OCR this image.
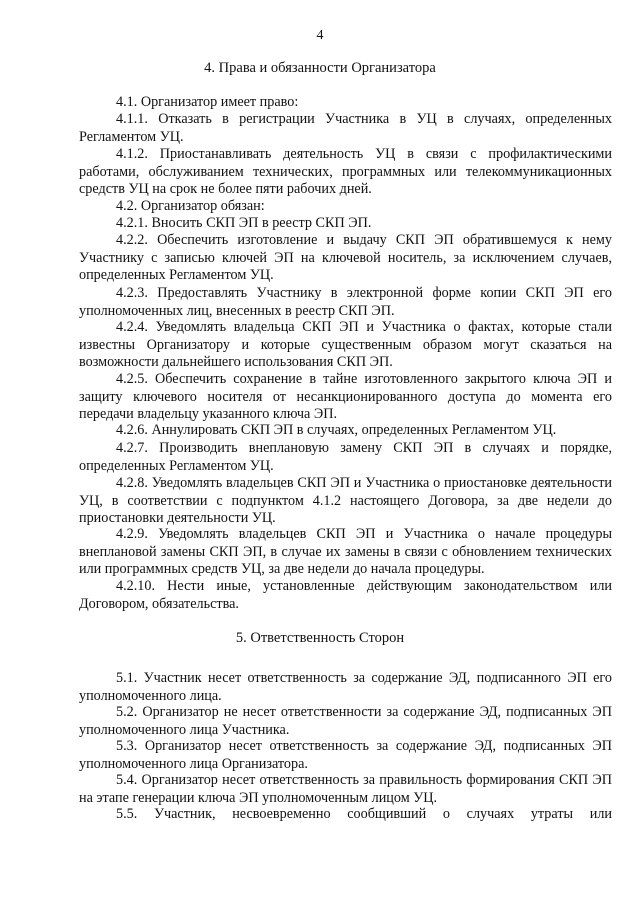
4
4. Права и обязанности Организатора

4.1. Организатор имеет право:

4.1.1. Отказать в регистрации Участника в УЦ в случаях, определенных Регламентом УЦ.

4.1.2. Приостанавливать деятельность УЦ в связи с профилактическими работами, обслуживанием технических, программных или телекоммуникационных средств УЦ на срок не более пяти рабочих дней.

4.2. Организатор обязан:

4.2.1. Вносить СКП ЭП в реестр СКП ЭП.

4.2.2. Обеспечить изготовление и выдачу СКП ЭП обратившемуся к нему Участнику с записью ключей ЭП на ключевой носитель, за исключением случаев, определенных Регламентом УЦ.

4.2.3. Предоставлять Участнику в электронной форме копии СКП ЭП его уполномоченных лиц, внесенных в реестр СКП ЭП.

4.2.4. Уведомлять владельца СКП ЭП и Участника о фактах, которые стали известны Организатору и которые существенным образом могут сказаться на возможности дальнейшего использования СКП ЭП.

4.2.5. Обеспечить сохранение в тайне изготовленного закрытого ключа ЭП и защиту ключевого носителя от несанкционированного доступа до момента его передачи владельцу указанного ключа ЭП.

4.2.6. Аннулировать СКП ЭП в случаях, определенных Регламентом УЦ.

4.2.7. Производить внеплановую замену СКП ЭП в случаях и порядке, определенных Регламентом УЦ.

4.2.8. Уведомлять владельцев СКП ЭП и Участника о приостановке деятельности УЦ, в соответствии с подпунктом 4.1.2 настоящего Договора, за две недели до приостановки деятельности УЦ.

4.2.9. Уведомлять владельцев СКП ЭП и Участника о начале процедуры внеплановой замены СКП ЭП, в случае их замены в связи с обновлением технических или программных средств УЦ, за две недели до начала процедуры.

4.2.10. Нести иные, установленные действующим законодательством или Договором, обязательства.

5. Ответственность Сторон

5.1. Участник несет ответственность за содержание ЭД, подписанного ЭП его уполномоченного лица.

5.2. Организатор не несет ответственности за содержание ЭД, подписанных ЭП уполномоченного лица Участника.

5.3. Организатор несет ответственность за содержание ЭД, подписанных ЭП уполномоченного лица Организатора.

5.4. Организатор несет ответственность за правильность формирования СКП ЭП на этапе генерации ключа ЭП уполномоченным лицом УЦ.

5.5. Участник, несвоевременно сообщивший о случаях утраты или
